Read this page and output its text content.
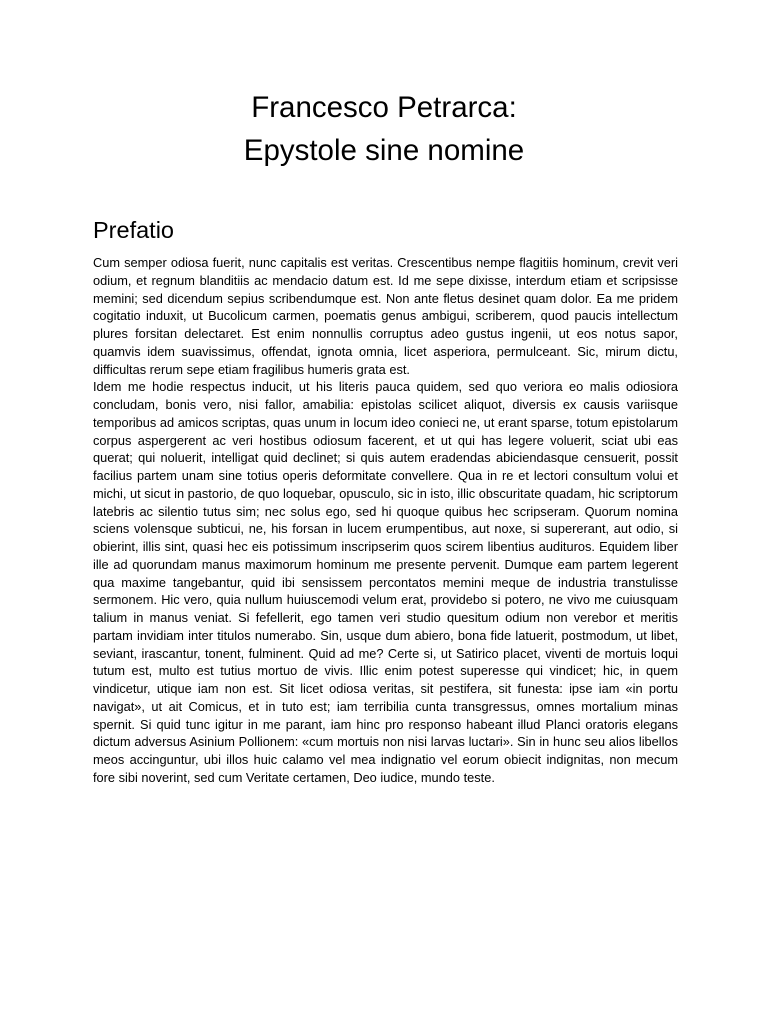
Francesco Petrarca:
Epystole sine nomine
Prefatio

Cum semper odiosa fuerit, nunc capitalis est veritas. Crescentibus nempe flagitiis hominum, crevit veri odium, et regnum blanditiis ac mendacio datum est. Id me sepe dixisse, interdum etiam et scripsisse memini; sed dicendum sepius scribendumque est. Non ante fletus desinet quam dolor. Ea me pridem cogitatio induxit, ut Bucolicum carmen, poematis genus ambigui, scriberem, quod paucis intellectum plures forsitan delectaret. Est enim nonnullis corruptus adeo gustus ingenii, ut eos notus sapor, quamvis idem suavissimus, offendat, ignota omnia, licet asperiora, permulceant. Sic, mirum dictu, difficultas rerum sepe etiam fragilibus humeris grata est.

Idem me hodie respectus inducit, ut his literis pauca quidem, sed quo veriora eo malis odiosiora concludam, bonis vero, nisi fallor, amabilia: epistolas scilicet aliquot, diversis ex causis variisque temporibus ad amicos scriptas, quas unum in locum ideo conieci ne, ut erant sparse, totum epistolarum corpus aspergerent ac veri hostibus odiosum facerent, et ut qui has legere voluerit, sciat ubi eas querat; qui noluerit, intelligat quid declinet; si quis autem eradendas abiciendasque censuerit, possit facilius partem unam sine totius operis deformitate convellere. Qua in re et lectori consultum volui et michi, ut sicut in pastorio, de quo loquebar, opusculo, sic in isto, illic obscuritate quadam, hic scriptorum latebris ac silentio tutus sim; nec solus ego, sed hi quoque quibus hec scripseram. Quorum nomina sciens volensque subticui, ne, his forsan in lucem erumpentibus, aut noxe, si supererant, aut odio, si obierint, illis sint, quasi hec eis potissimum inscripserim quos scirem libentius audituros. Equidem liber ille ad quorundam manus maximorum hominum me presente pervenit. Dumque eam partem legerent qua maxime tangebantur, quid ibi sensissem percontatos memini meque de industria transtulisse sermonem. Hic vero, quia nullum huiuscemodi velum erat, providebo si potero, ne vivo me cuiusquam talium in manus veniat. Si fefellerit, ego tamen veri studio quesitum odium non verebor et meritis partam invidiam inter titulos numerabo. Sin, usque dum abiero, bona fide latuerit, postmodum, ut libet, seviant, irascantur, tonent, fulminent. Quid ad me? Certe si, ut Satirico placet, viventi de mortuis loqui tutum est, multo est tutius mortuo de vivis. Illic enim potest superesse qui vindicet; hic, in quem vindicetur, utique iam non est. Sit licet odiosa veritas, sit pestifera, sit funesta: ipse iam «in portu navigat», ut ait Comicus, et in tuto est; iam terribilia cunta transgressus, omnes mortalium minas spernit. Si quid tunc igitur in me parant, iam hinc pro responso habeant illud Planci oratoris elegans dictum adversus Asinium Pollionem: «cum mortuis non nisi larvas luctari». Sin in hunc seu alios libellos meos accinguntur, ubi illos huic calamo vel mea indignatio vel eorum obiecit indignitas, non mecum fore sibi noverint, sed cum Veritate certamen, Deo iudice, mundo teste.
